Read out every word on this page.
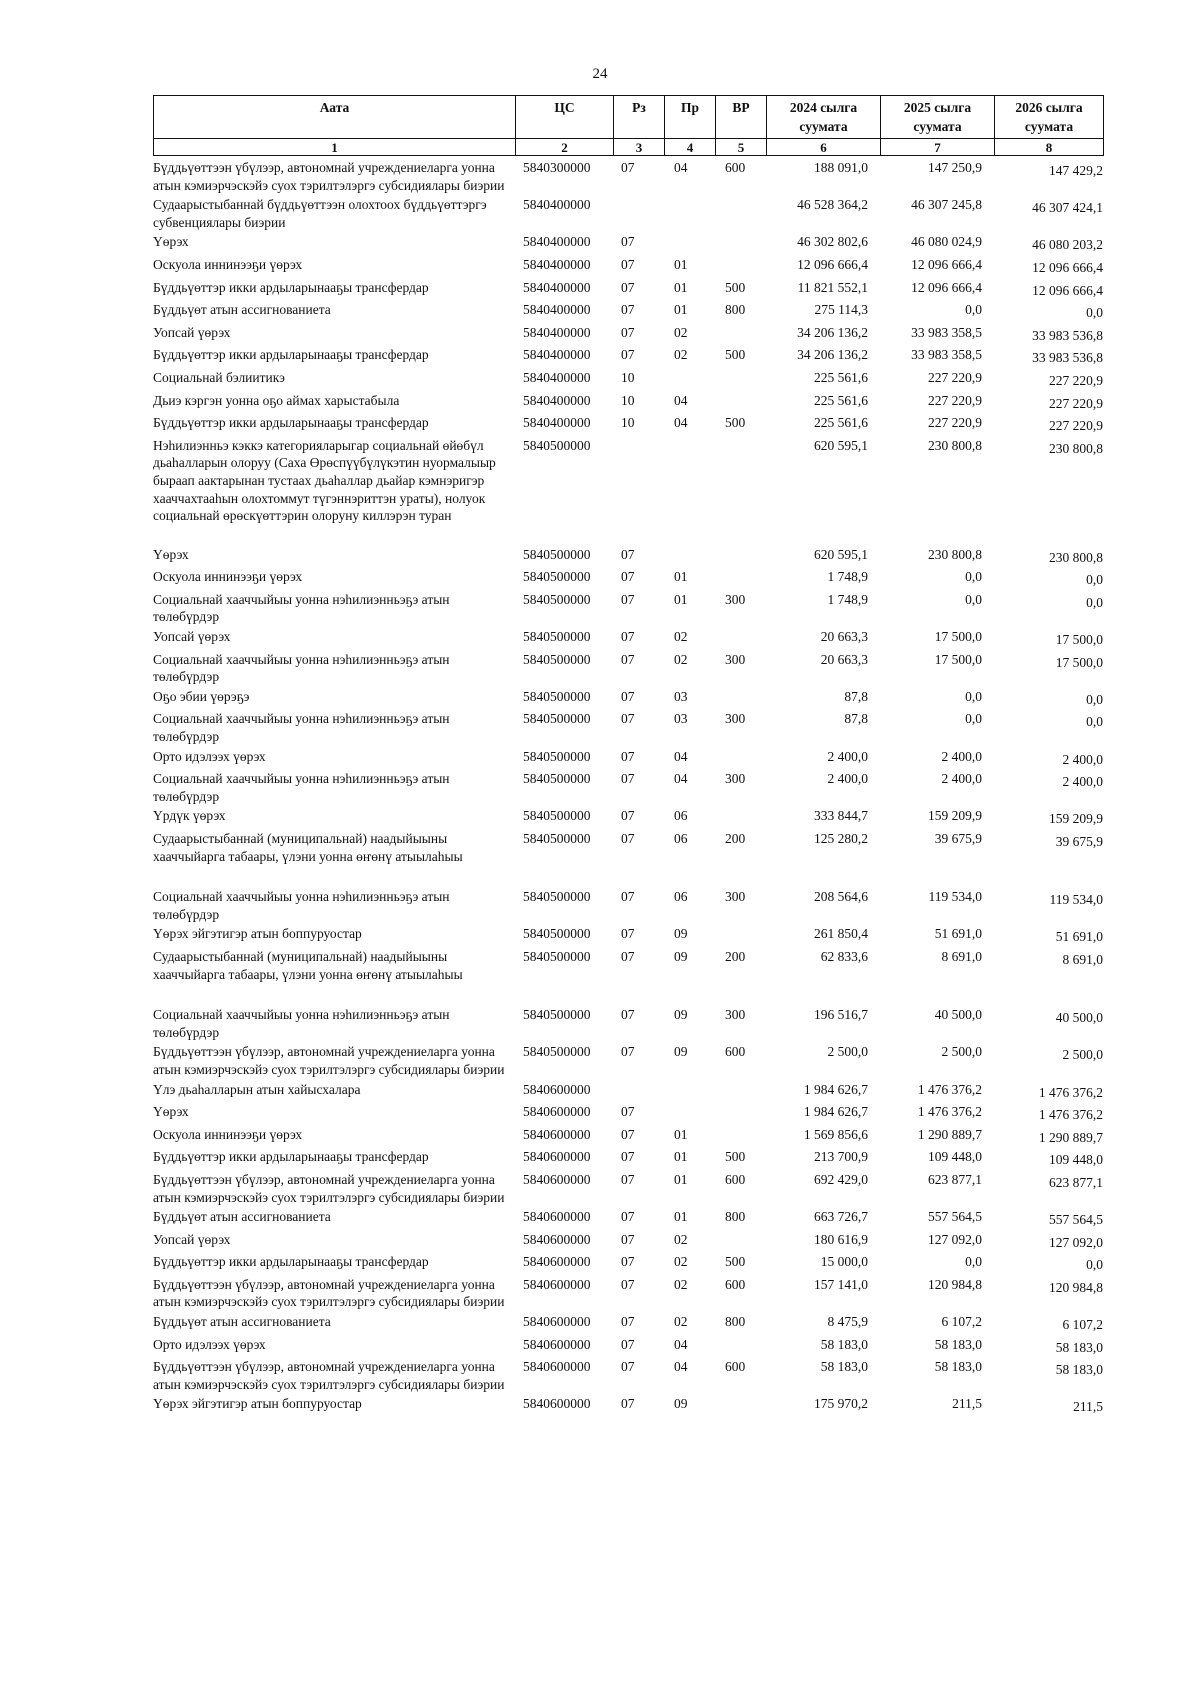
24
Аата	ЦС	Рз	Пр	ВР	2024 сылга суумата	2025 сылга суумата	2026 сылга суумата
1	2	3	4	5	6	7	8
Бүддьүөттээн үбүлээр, автономнай учреждениеларга уонна атын кэмиэрчэскэйэ суох тэрилтэлэргэ субсидиялары биэрии	5840300000	07	04	600	188 091,0	147 250,9	147 429,2
Судаарыстыбаннай бүддьүөттээн олохтоох бүддьүөттэргэ субвенциялары биэрии	5840400000				46 528 364,2	46 307 245,8	46 307 424,1
Үөрэх	5840400000	07			46 302 802,6	46 080 024,9	46 080 203,2
Оскуола иннинээҕи үөрэх	5840400000	07	01		12 096 666,4	12 096 666,4	12 096 666,4
Бүддьүөттэр икки ардыларынааҕы трансфердар	5840400000	07	01	500	11 821 552,1	12 096 666,4	12 096 666,4
Бүддьүөт атын ассигнованиета	5840400000	07	01	800	275 114,3	0,0	0,0
Уопсай үөрэх	5840400000	07	02		34 206 136,2	33 983 358,5	33 983 536,8
Бүддьүөттэр икки ардыларынааҕы трансфердар	5840400000	07	02	500	34 206 136,2	33 983 358,5	33 983 536,8
Социальнай бэлиитикэ	5840400000	10			225 561,6	227 220,9	227 220,9
Дьиэ кэргэн уонна оҕо аймах харыстабыла	5840400000	10	04		225 561,6	227 220,9	227 220,9
Бүддьүөттэр икки ардыларынааҕы трансфердар	5840400000	10	04	500	225 561,6	227 220,9	227 220,9
Нэһилиэнньэ кэккэ категорияларыгар социальнай өйөбүл дьаһалларын олоруу (Саха Өрөспүүбүлүкэтин нуормалыыр быраап аактарынан тустаах дьаһаллар дьайар кэмнэригэр хааччахтааһын олохтоммут түгэннэриттэн ураты), нолуок социальнай өрөскүөттэрин олоруну киллэрэн туран	5840500000				620 595,1	230 800,8	230 800,8
Үөрэх	5840500000	07			620 595,1	230 800,8	230 800,8
Оскуола иннинээҕи үөрэх	5840500000	07	01		1 748,9	0,0	0,0
Социальнай хааччыйыы уонна нэһилиэнньэҕэ атын төлөбүрдэр	5840500000	07	01	300	1 748,9	0,0	0,0
Уопсай үөрэх	5840500000	07	02		20 663,3	17 500,0	17 500,0
Социальнай хааччыйыы уонна нэһилиэнньэҕэ атын төлөбүрдэр	5840500000	07	02	300	20 663,3	17 500,0	17 500,0
Оҕо эбии үөрэҕэ	5840500000	07	03		87,8	0,0	0,0
Социальнай хааччыйыы уонна нэһилиэнньэҕэ атын төлөбүрдэр	5840500000	07	03	300	87,8	0,0	0,0
Орто идэлээх үөрэх	5840500000	07	04		2 400,0	2 400,0	2 400,0
Социальнай хааччыйыы уонна нэһилиэнньэҕэ атын төлөбүрдэр	5840500000	07	04	300	2 400,0	2 400,0	2 400,0
Үрдүк үөрэх	5840500000	07	06		333 844,7	159 209,9	159 209,9
Судаарыстыбаннай (муниципальнай) наадыйыыны хааччыйарга табаары, үлэни уонна өҥөнү атыылаһыы	5840500000	07	06	200	125 280,2	39 675,9	39 675,9
Социальнай хааччыйыы уонна нэһилиэнньэҕэ атын төлөбүрдэр	5840500000	07	06	300	208 564,6	119 534,0	119 534,0
Үөрэх эйгэтигэр атын боппуруостар	5840500000	07	09		261 850,4	51 691,0	51 691,0
Судаарыстыбаннай (муниципальнай) наадыйыыны хааччыйарга табаары, үлэни уонна өҥөнү атыылаһыы	5840500000	07	09	200	62 833,6	8 691,0	8 691,0
Социальнай хааччыйыы уонна нэһилиэнньэҕэ атын төлөбүрдэр	5840500000	07	09	300	196 516,7	40 500,0	40 500,0
Бүддьүөттээн үбүлээр, автономнай учреждениеларга уонна атын кэмиэрчэскэйэ суох тэрилтэлэргэ субсидиялары биэрии	5840500000	07	09	600	2 500,0	2 500,0	2 500,0
Үлэ дьаһалларын атын хайысхалара	5840600000				1 984 626,7	1 476 376,2	1 476 376,2
Үөрэх	5840600000	07			1 984 626,7	1 476 376,2	1 476 376,2
Оскуола иннинээҕи үөрэх	5840600000	07	01		1 569 856,6	1 290 889,7	1 290 889,7
Бүддьүөттэр икки ардыларынааҕы трансфердар	5840600000	07	01	500	213 700,9	109 448,0	109 448,0
Бүддьүөттээн үбүлээр, автономнай учреждениеларга уонна атын кэмиэрчэскэйэ суох тэрилтэлэргэ субсидиялары биэрии	5840600000	07	01	600	692 429,0	623 877,1	623 877,1
Бүддьүөт атын ассигнованиета	5840600000	07	01	800	663 726,7	557 564,5	557 564,5
Уопсай үөрэх	5840600000	07	02		180 616,9	127 092,0	127 092,0
Бүддьүөттэр икки ардыларынааҕы трансфердар	5840600000	07	02	500	15 000,0	0,0	0,0
Бүддьүөттээн үбүлээр, автономнай учреждениеларга уонна атын кэмиэрчэскэйэ суох тэрилтэлэргэ субсидиялары биэрии	5840600000	07	02	600	157 141,0	120 984,8	120 984,8
Бүддьүөт атын ассигнованиета	5840600000	07	02	800	8 475,9	6 107,2	6 107,2
Орто идэлээх үөрэх	5840600000	07	04		58 183,0	58 183,0	58 183,0
Бүддьүөттээн үбүлээр, автономнай учреждениеларга уонна атын кэмиэрчэскэйэ суох тэрилтэлэргэ субсидиялары биэрии	5840600000	07	04	600	58 183,0	58 183,0	58 183,0
Үөрэх эйгэтигэр атын боппуруостар	5840600000	07	09		175 970,2	211,5	211,5
